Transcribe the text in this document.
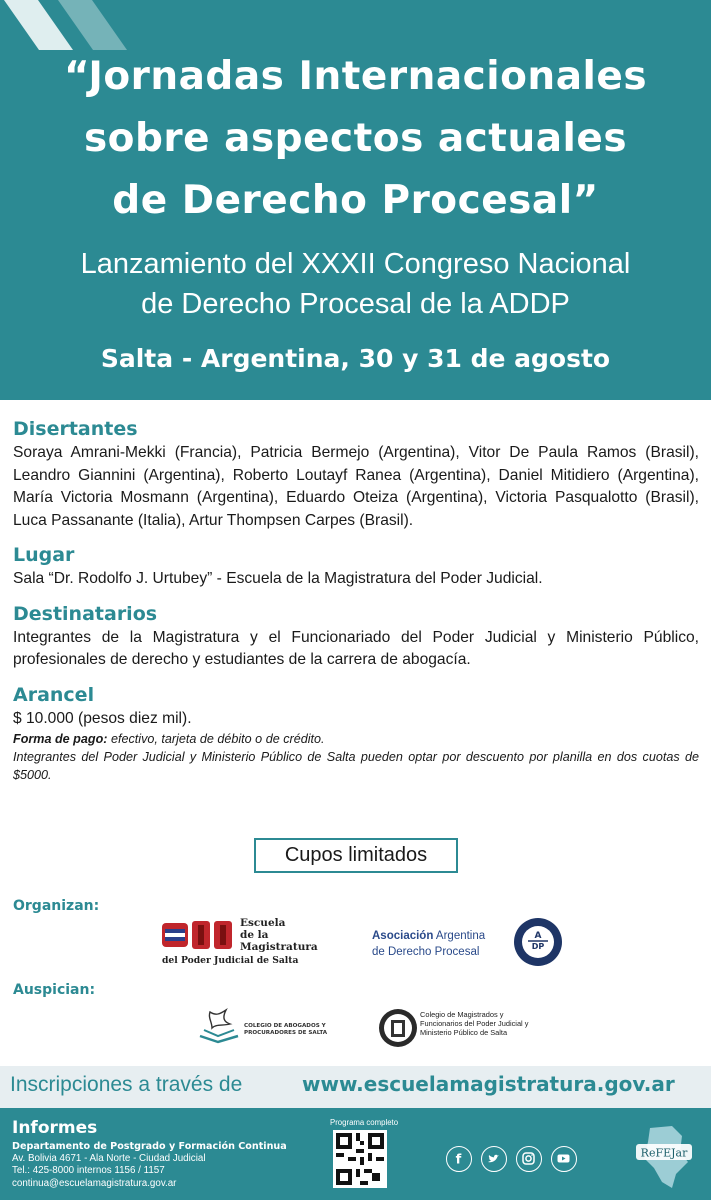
“Jornadas Internacionales
sobre aspectos actuales
de Derecho Procesal”
Lanzamiento del XXXII Congreso Nacional
de Derecho Procesal de la ADDP
Salta - Argentina, 30 y 31 de agosto
Disertantes
Soraya Amrani-Mekki (Francia), Patricia Bermejo (Argentina), Vitor De Paula Ramos (Brasil), Leandro Giannini (Argentina), Roberto Loutayf Ranea (Argentina), Daniel Mitidiero (Argentina), María Victoria Mosmann (Argentina), Eduardo Oteiza (Argentina), Victoria Pasqualotto (Brasil), Luca Passanante (Italia), Artur Thompsen Carpes (Brasil).
Lugar
Sala “Dr. Rodolfo J. Urtubey” - Escuela de la Magistratura del Poder Judicial.
Destinatarios
Integrantes de la Magistratura y el Funcionariado del Poder Judicial y Ministerio Público, profesionales de derecho y estudiantes de la carrera de abogacía.
Arancel
$ 10.000 (pesos diez mil).
Forma de pago: efectivo, tarjeta de débito o de crédito.
Integrantes del Poder Judicial y Ministerio Público de Salta pueden optar por descuento por planilla en dos cuotas de $5000.
Cupos limitados
Organizan:
Escuela
de la
Magistratura
del Poder Judicial de Salta
Asociación Argentina
de Derecho Procesal
A
DP
Auspician:
COLEGIO DE ABOGADOS Y
PROCURADORES DE SALTA
Colegio de Magistrados y
Funcionarios del Poder Judicial y
Ministerio Público de Salta
Inscripciones a través de	www.escuelamagistratura.gov.ar
Informes
Departamento de Postgrado y Formación Continua
Av. Bolivia 4671 - Ala Norte - Ciudad Judicial
Tel.: 425-8000 internos 1156 / 1157
continua@escuelamagistratura.gov.ar
Programa completo
f	ReFEJar
